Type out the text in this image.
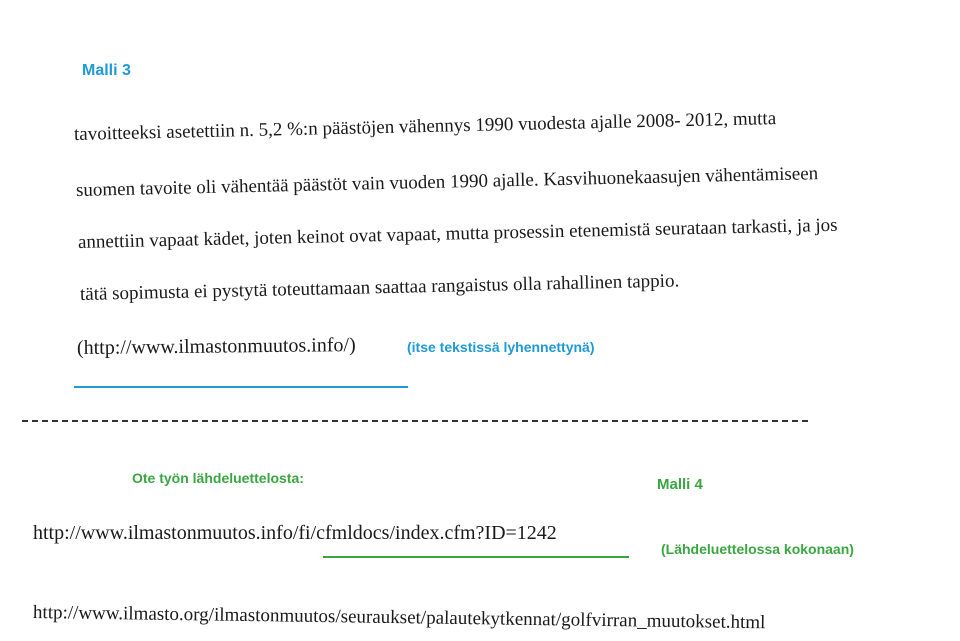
Malli 3
tavoitteeksi asetettiin n. 5,2 %:n päästöjen vähennys 1990 vuodesta ajalle 2008- 2012, mutta
suomen tavoite oli vähentää päästöt vain vuoden 1990 ajalle. Kasvihuonekaasujen vähentämiseen
annettiin vapaat kädet, joten keinot ovat vapaat, mutta prosessin etenemistä seurataan tarkasti, ja jos
tätä sopimusta ei pystytä toteuttamaan saattaa rangaistus olla rahallinen tappio.
(http://www.ilmastonmuutos.info/)	(itse tekstissä lyhennettynä)
Ote työn lähdeluettelosta:	Malli 4
http://www.ilmastonmuutos.info/fi/cfmldocs/index.cfm?ID=1242
(Lähdeluettelossa kokonaan)
http://www.ilmasto.org/ilmastonmuutos/seuraukset/palautekytkennat/golfvirran_muutokset.html
